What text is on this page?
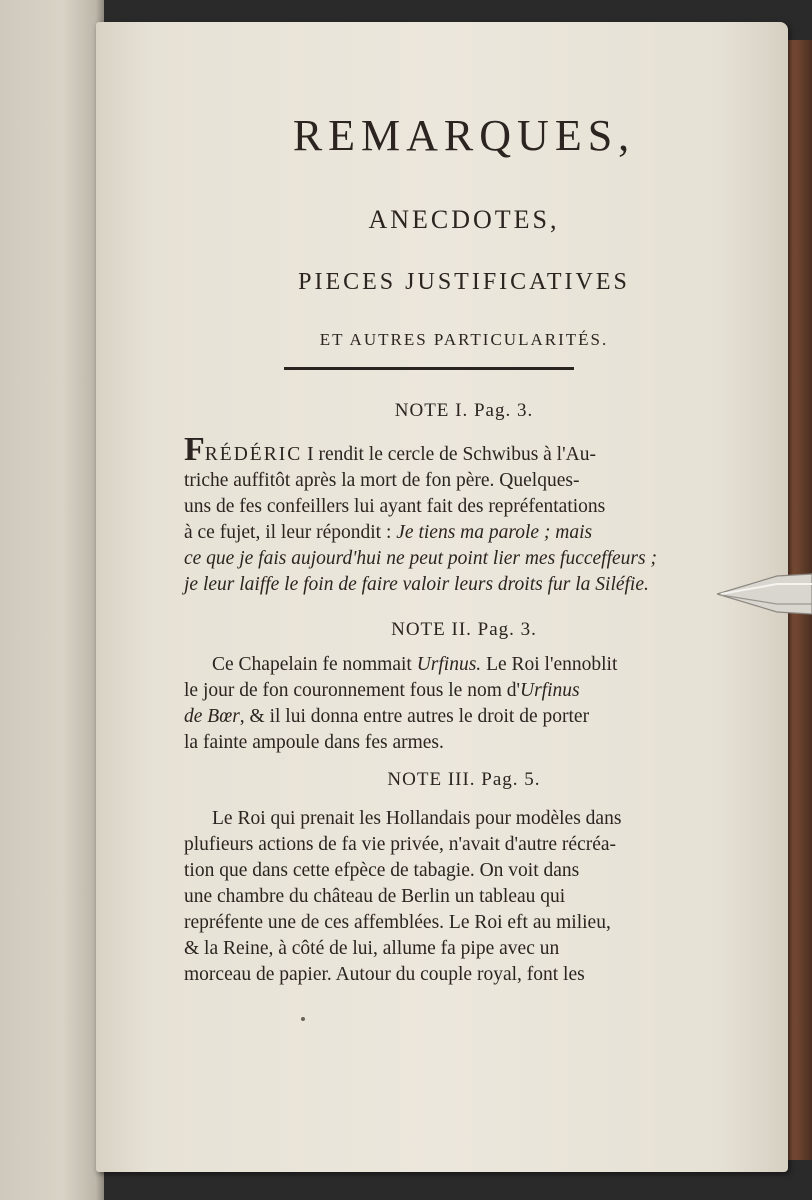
REMARQUES,
ANECDOTES,
PIECES JUSTIFICATIVES
ET AUTRES PARTICULARITÉS.
NOTE I. Pag. 3.
FRÉDÉRIC I rendit le cercle de Schwibus à l'Au-
triche auffitôt après la mort de fon père. Quelques-
uns de fes confeillers lui ayant fait des repréfentations
à ce fujet, il leur répondit : Je tiens ma parole ; mais
ce que je fais aujourd'hui ne peut point lier mes fucceffeurs ;
je leur laiffe le foin de faire valoir leurs droits fur la Siléfie.
NOTE II. Pag. 3.
Ce Chapelain fe nommait Urfinus. Le Roi l'ennoblit
le jour de fon couronnement fous le nom d'Urfinus
de Bœr, & il lui donna entre autres le droit de porter
la fainte ampoule dans fes armes.
NOTE III. Pag. 5.
Le Roi qui prenait les Hollandais pour modèles dans
plufieurs actions de fa vie privée, n'avait d'autre récréa-
tion que dans cette efpèce de tabagie. On voit dans
une chambre du château de Berlin un tableau qui
repréfente une de ces affemblées. Le Roi eft au milieu,
& la Reine, à côté de lui, allume fa pipe avec un
morceau de papier. Autour du couple royal, font les
